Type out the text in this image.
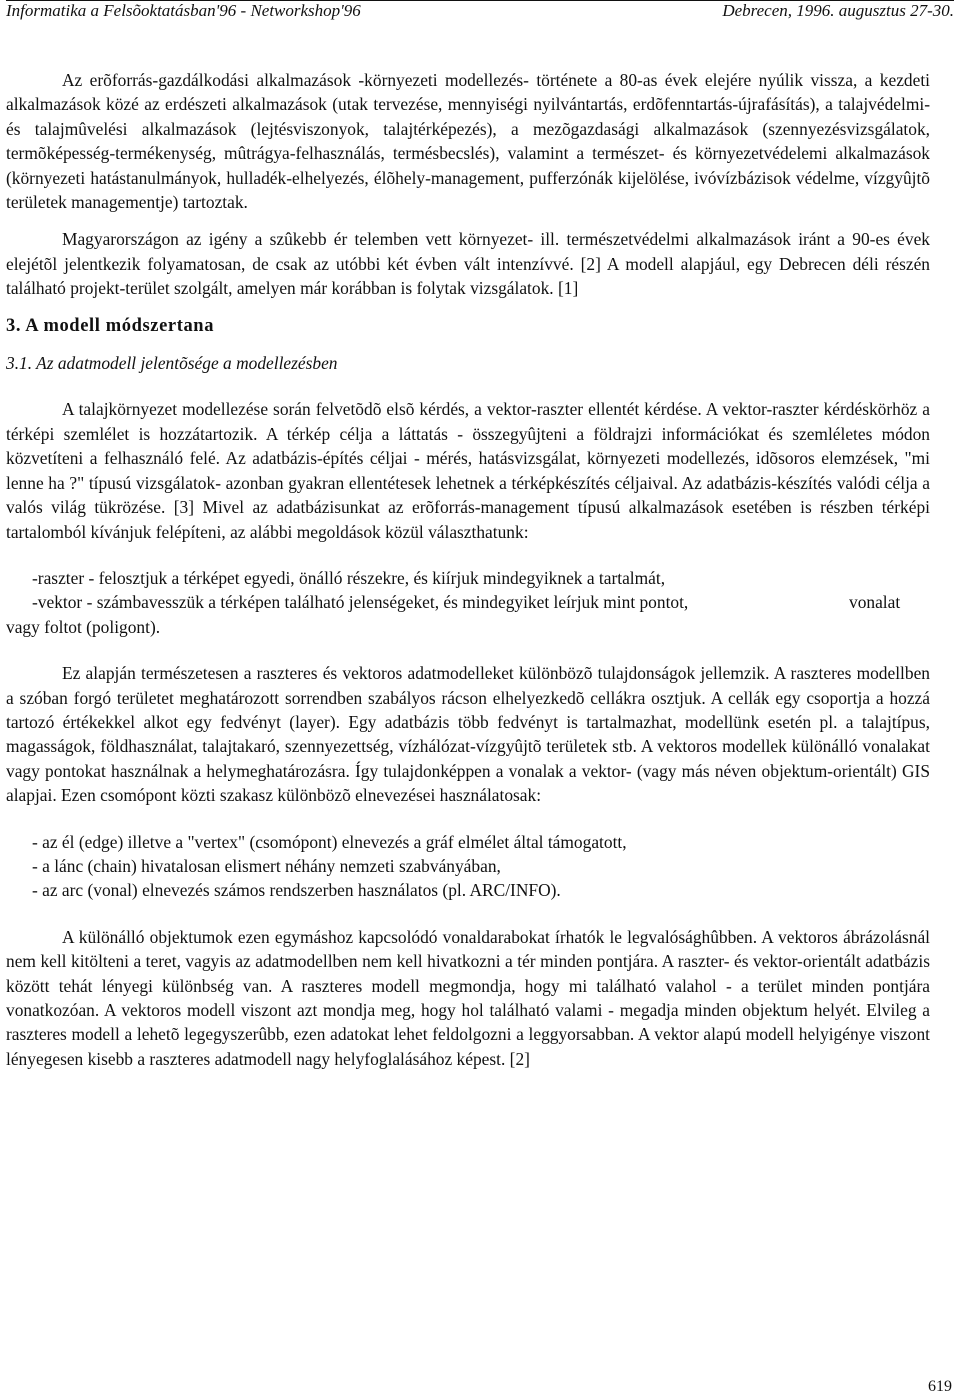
Informatika a Felsõoktatásban'96 - Networkshop'96	Debrecen, 1996. augusztus 27-30.

Az erõforrás-gazdálkodási alkalmazások -környezeti modellezés- története a 80-as évek elejére nyúlik vissza, a kezdeti alkalmazások közé az erdészeti alkalmazások (utak tervezése, mennyiségi nyilvántartás, erdõfenntartás-újrafásítás), a talajvédelmi- és talajmûvelési alkalmazások (lejtésviszonyok, talajtérképezés), a mezõgazdasági alkalmazások (szennyezésvizsgálatok, termõképesség-termékenység, mûtrágya-felhasználás, termésbecslés), valamint a természet- és környezetvédelemi alkalmazások (környezeti hatástanulmányok, hulladék-elhelyezés, élõhely-management, pufferzónák kijelölése, ivóvízbázisok védelme, vízgyûjtõ területek managementje) tartoztak.

Magyarországon az igény a szûkebb ér telemben vett környezet- ill. természetvédelmi alkalmazások iránt a 90-es évek elejétõl jelentkezik folyamatosan, de csak az utóbbi két évben vált intenzívvé. [2] A modell alapjául, egy Debrecen déli részén található projekt-terület szolgált, amelyen már korábban is folytak vizsgálatok. [1]

3. A modell módszertana

3.1. Az adatmodell jelentõsége a modellezésben

A talajkörnyezet modellezése során felvetõdõ elsõ kérdés, a vektor-raszter ellentét kérdése. A vektor-raszter kérdéskörhöz a térképi szemlélet is hozzátartozik. A térkép célja a láttatás - összegyûjteni a földrajzi információkat és szemléletes módon közvetíteni a felhasználó felé. Az adatbázis-építés céljai - mérés, hatásvizsgálat, környezeti modellezés, idõsoros elemzések, "mi lenne ha ?" típusú vizsgálatok- azonban gyakran ellentétesek lehetnek a térképkészítés céljaival. Az adatbázis-készítés valódi célja a valós világ tükrözése. [3] Mivel az adatbázisunkat az erõforrás-management típusú alkalmazások esetében is részben térképi tartalomból kívánjuk felépíteni, az alábbi megoldások közül választhatunk:

-raszter - felosztjuk a térképet egyedi, önálló részekre, és kiírjuk mindegyiknek a tartalmát,

-vektor - számbavesszük a térképen található jelenségeket, és mindegyiket leírjuk mint pontot,	vonalat

vagy foltot (poligont).

Ez alapján természetesen a raszteres és vektoros adatmodelleket különbözõ tulajdonságok jellemzik. A raszteres modellben a szóban forgó területet meghatározott sorrendben szabályos rácson elhelyezkedõ cellákra osztjuk. A cellák egy csoportja a hozzá tartozó értékekkel alkot egy fedvényt (layer). Egy adatbázis több fedvényt is tartalmazhat, modellünk esetén pl. a talajtípus, magasságok, földhasználat, talajtakaró, szennyezettség, vízhálózat-vízgyûjtõ területek stb. A vektoros modellek különálló vonalakat vagy pontokat használnak a helymeghatározásra. Így tulajdonképpen a vonalak a vektor- (vagy más néven objektum-orientált) GIS alapjai. Ezen csomópont közti szakasz különbözõ elnevezései használatosak:

- az él (edge) illetve a "vertex" (csomópont) elnevezés a gráf elmélet által támogatott,

- a lánc (chain) hivatalosan elismert néhány nemzeti szabványában,

- az arc (vonal) elnevezés számos rendszerben használatos (pl. ARC/INFO).

A különálló objektumok ezen egymáshoz kapcsolódó vonaldarabokat írhatók le legvalósághûbben. A vektoros ábrázolásnál nem kell kitölteni a teret, vagyis az adatmodellben nem kell hivatkozni a tér minden pontjára. A raszter- és vektor-orientált adatbázis között tehát lényegi különbség van. A raszteres modell megmondja, hogy mi található valahol - a terület minden pontjára vonatkozóan. A vektoros modell viszont azt mondja meg, hogy hol található valami - megadja minden objektum helyét. Elvileg a raszteres modell a lehetõ legegyszerûbb, ezen adatokat lehet feldolgozni a leggyorsabban. A vektor alapú modell helyigénye viszont lényegesen kisebb a raszteres adatmodell nagy helyfoglalásához képest. [2]

619
